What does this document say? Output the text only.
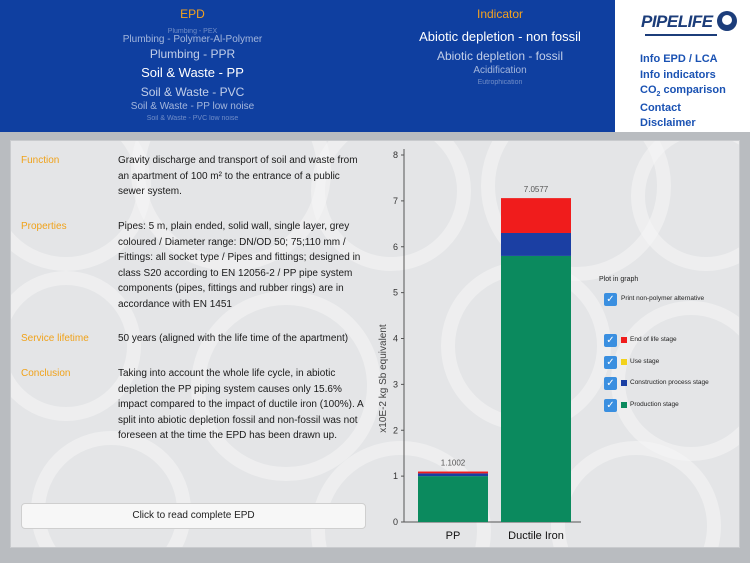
EPD
Plumbing - PEX
Plumbing - Polymer-Al-Polymer
Plumbing - PPR
Soil & Waste - PP
Soil & Waste - PVC
Soil & Waste - PP low noise
Soil & Waste - PVC low noise
Indicator
Abiotic depletion - non fossil
Abiotic depletion - fossil
Acidification
Eutrophication
PIPELIFE
Info EPD / LCA
Info indicators
$CO_2$ comparison
Contact
Disclaimer
Function	Gravity discharge and transport of soil and waste from an apartment of 100 m² to the entrance of a public sewer system.
Properties	Pipes: 5 m, plain ended, solid wall, single layer, grey coloured / Diameter range: DN/OD 50; 75;110 mm / Fittings: all socket type / Pipes and fittings; designed in class S20 according to EN 12056-2 / PP pipe system components (pipes, fittings and rubber rings) are in accordance with EN 1451
Service lifetime	50 years (aligned with the life time of the apartment)
Conclusion	Taking into account the whole life cycle, in abiotic depletion the PP piping system causes only 15.6% impact compared to the impact of ductile iron (100%). A split into abiotic depletion fossil and non-fossil was not foreseen at the time the EPD has been drawn up.
Click to read complete EPD
0
1
2
3
4
5
6
7
8
x10E-2 kg Sb equivalent
1.1002
PP
7.0577
Ductile Iron
Plot in graph
✓ Print non-polymer alternative
✓	End of life stage
✓	Use stage
✓	Construction process stage
✓	Production stage
